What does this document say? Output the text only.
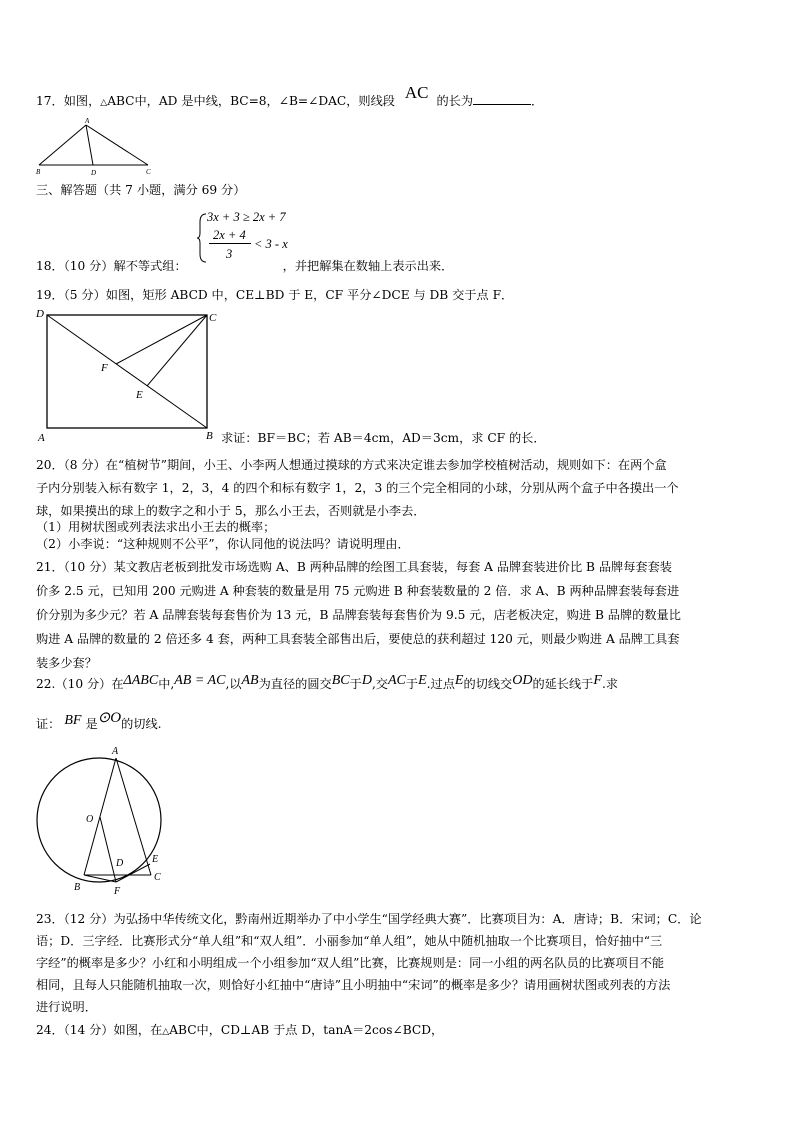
17．如图，△ABC中，AD 是中线，BC=8，∠B=∠DAC，则线段 AC 的长为	．
A
B	D	C
三、解答题（共 7 小题，满分 69 分）
3x + 3 ≥ 2x + 7
2x + 4
3
< 3 - x
18．（10 分）解不等式组：	，并把解集在数轴上表示出来．
19．（5 分）如图，矩形 ABCD 中，CE⊥BD 于 E，CF 平分∠DCE 与 DB 交于点 F．
D	C
F
E
A	B 求证：BF＝BC；若 AB＝4cm，AD＝3cm，求 CF 的长．
20．（8 分）在“植树节”期间，小王、小李两人想通过摸球的方式来决定谁去参加学校植树活动，规则如下：在两个盒
子内分别装入标有数字 1，2，3，4 的四个和标有数字 1，2，3 的三个完全相同的小球，分别从两个盒子中各摸出一个
球，如果摸出的球上的数字之和小于 5，那么小王去，否则就是小李去．
（1）用树状图或列表法求出小王去的概率；
（2）小李说：“这种规则不公平”，你认同他的说法吗？请说明理由．
21．（10 分）某文教店老板到批发市场选购 A、B 两种品牌的绘图工具套装，每套 A 品牌套装进价比 B 品牌每套套装
价多 2.5 元，已知用 200 元购进 A 种套装的数量是用 75 元购进 B 种套装数量的 2 倍．求 A、B 两种品牌套装每套进
价分别为多少元？若 A 品牌套装每套售价为 13 元，B 品牌套装每套售价为 9.5 元，店老板决定，购进 B 品牌的数量比
购进 A 品牌的数量的 2 倍还多 4 套，两种工具套装全部售出后，要使总的获利超过 120 元，则最少购进 A 品牌工具套
装多少套？
22.（10 分）在ΔABC中,AB = AC,以AB为直径的圆交BC于D,交AC于E.过点E的切线交OD的延长线于F.求
证： BF 是⊙O的切线.
A
O
D	E
B	F
C
23．（12 分）为弘扬中华传统文化，黔南州近期举办了中小学生“国学经典大赛”．比赛项目为：A．唐诗；B．宋词；C．论
语；D．三字经．比赛形式分“单人组”和“双人组”．小丽参加“单人组”，她从中随机抽取一个比赛项目，恰好抽中“三
字经”的概率是多少？小红和小明组成一个小组参加“双人组”比赛，比赛规则是：同一小组的两名队员的比赛项目不能
相同，且每人只能随机抽取一次，则恰好小红抽中“唐诗”且小明抽中“宋词”的概率是多少？请用画树状图或列表的方法
进行说明．
24．（14 分）如图，在△ABC中，CD⊥AB 于点 D，tanA＝2cos∠BCD，
